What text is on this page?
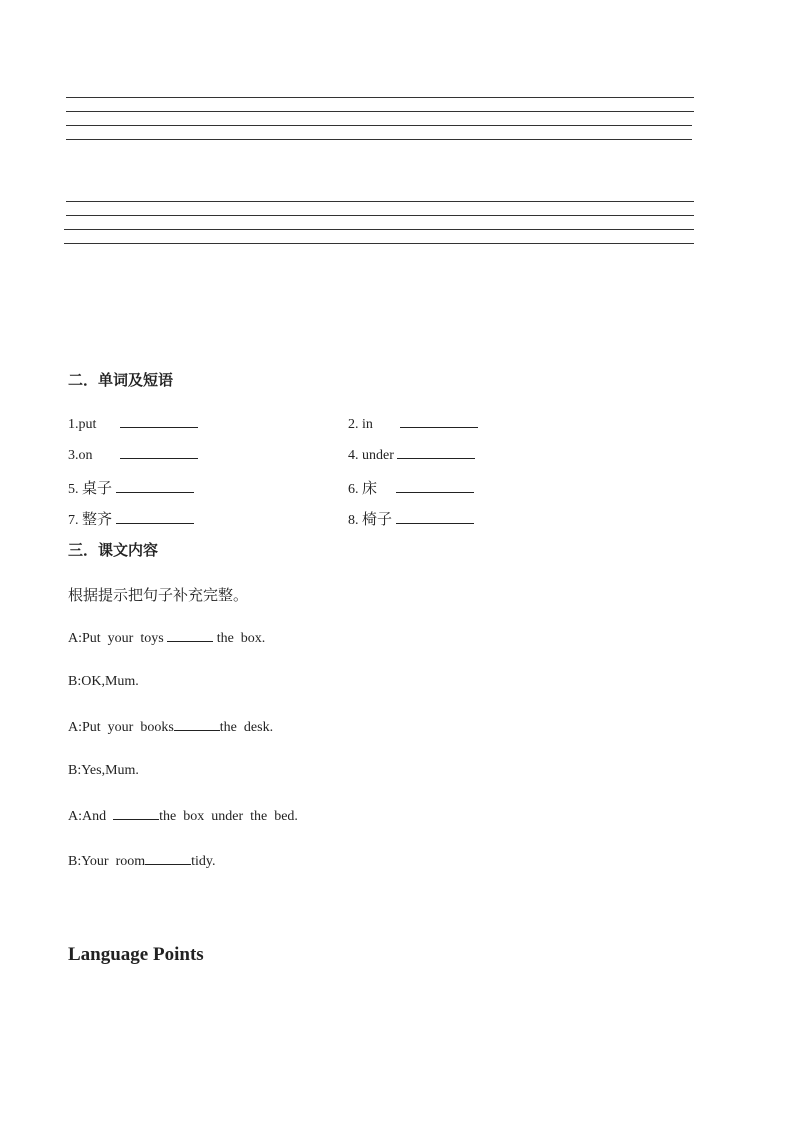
二．单词及短语
1.put	2. in
3.on	4. under
5. 桌子	6. 床
7. 整齐	8. 椅子
三．课文内容
根据提示把句子补充完整。
A:Put  your  toys	the  box.
B:OK,Mum.
A:Put  your  books	the  desk.
B:Yes,Mum.
A:And	the  box  under  the  bed.
B:Your  room	tidy.
Language Points
